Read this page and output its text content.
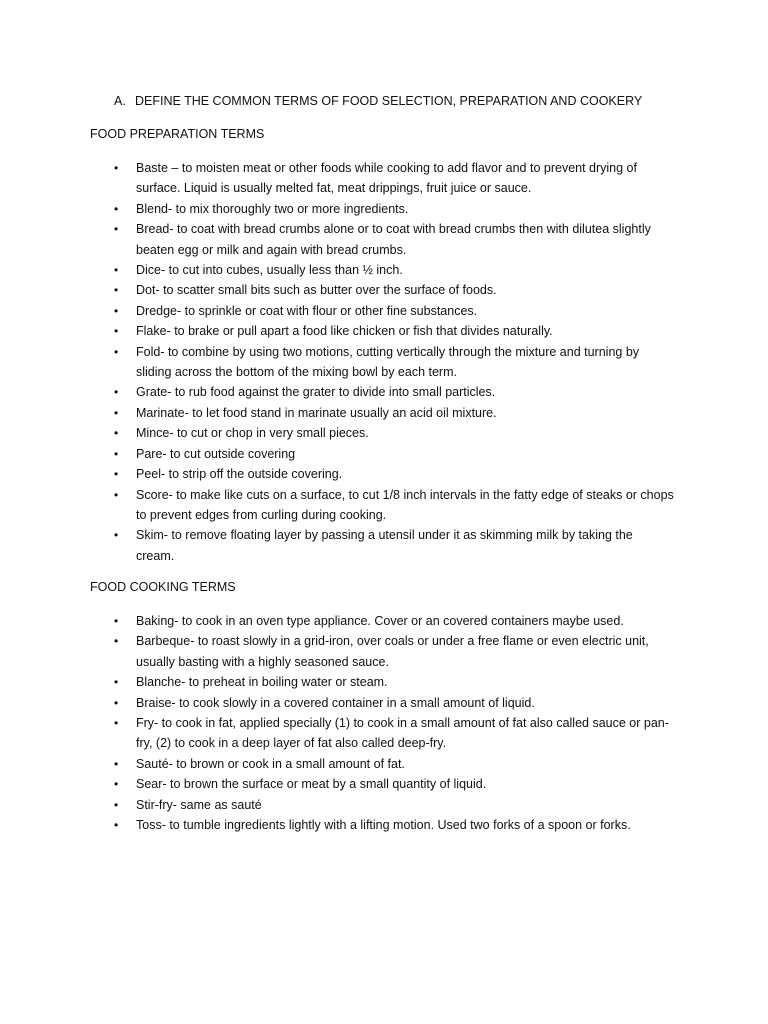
A. DEFINE THE COMMON TERMS OF FOOD SELECTION, PREPARATION AND COOKERY
FOOD PREPARATION TERMS
• Baste – to moisten meat or other foods while cooking to add flavor and to prevent drying of surface. Liquid is usually melted fat, meat drippings, fruit juice or sauce.
• Blend- to mix thoroughly two or more ingredients.
• Bread- to coat with bread crumbs alone or to coat with bread crumbs then with dilutea slightly beaten egg or milk and again with bread crumbs.
• Dice- to cut into cubes, usually less than ½ inch.
• Dot- to scatter small bits such as butter over the surface of foods.
• Dredge- to sprinkle or coat with flour or other fine substances.
• Flake- to brake or pull apart a food like chicken or fish that divides naturally.
• Fold- to combine by using two motions, cutting vertically through the mixture and turning by sliding across the bottom of the mixing bowl by each term.
• Grate- to rub food against the grater to divide into small particles.
• Marinate- to let food stand in marinate usually an acid oil mixture.
• Mince- to cut or chop in very small pieces.
• Pare- to cut outside covering
• Peel- to strip off the outside covering.
• Score- to make like cuts on a surface, to cut 1/8 inch intervals in the fatty edge of steaks or chops to prevent edges from curling during cooking.
• Skim- to remove floating layer by passing a utensil under it as skimming milk by taking the cream.
FOOD COOKING TERMS
• Baking- to cook in an oven type appliance. Cover or an covered containers maybe used.
• Barbeque- to roast slowly in a grid-iron, over coals or under a free flame or even electric unit, usually basting with a highly seasoned sauce.
• Blanche- to preheat in boiling water or steam.
• Braise- to cook slowly in a covered container in a small amount of liquid.
• Fry- to cook in fat, applied specially (1) to cook in a small amount of fat also called sauce or pan-fry, (2) to cook in a deep layer of fat also called deep-fry.
• Sauté- to brown or cook in a small amount of fat.
• Sear- to brown the surface or meat by a small quantity of liquid.
• Stir-fry- same as sauté
• Toss- to tumble ingredients lightly with a lifting motion. Used two forks of a spoon or forks.
